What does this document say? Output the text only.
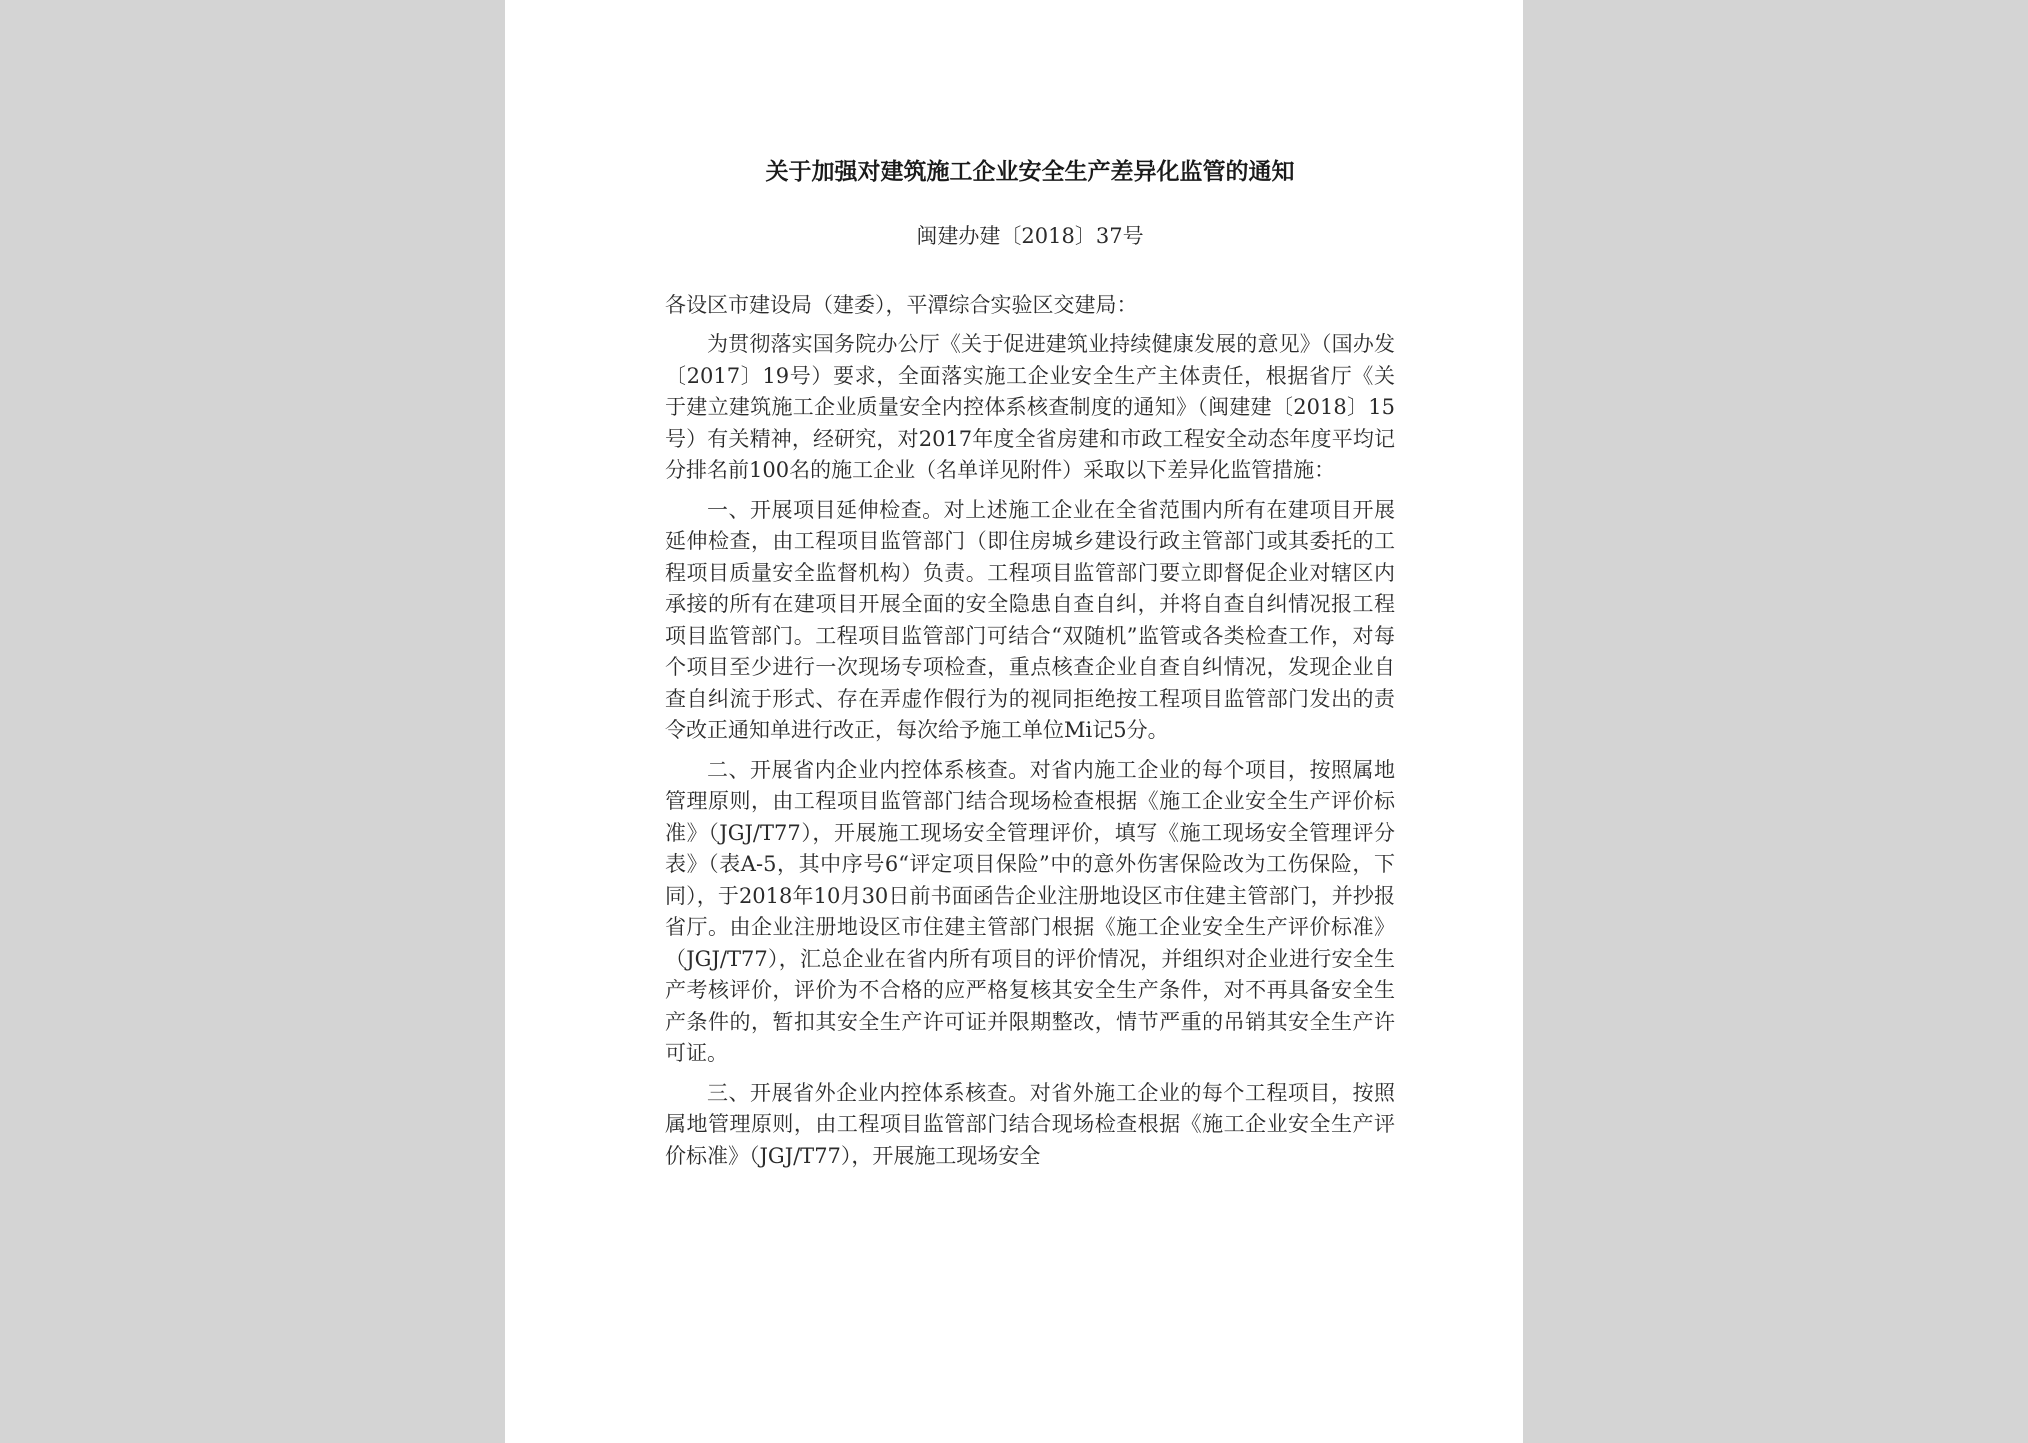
关于加强对建筑施工企业安全生产差异化监管的通知
闽建办建〔2018〕37号
各设区市建设局（建委），平潭综合实验区交建局：

为贯彻落实国务院办公厅《关于促进建筑业持续健康发展的意见》（国办发〔2017〕19号）要求，全面落实施工企业安全生产主体责任，根据省厅《关于建立建筑施工企业质量安全内控体系核查制度的通知》（闽建建〔2018〕15号）有关精神，经研究，对2017年度全省房建和市政工程安全动态年度平均记分排名前100名的施工企业（名单详见附件）采取以下差异化监管措施：

一、开展项目延伸检查。对上述施工企业在全省范围内所有在建项目开展延伸检查，由工程项目监管部门（即住房城乡建设行政主管部门或其委托的工程项目质量安全监督机构）负责。工程项目监管部门要立即督促企业对辖区内承接的所有在建项目开展全面的安全隐患自查自纠，并将自查自纠情况报工程项目监管部门。工程项目监管部门可结合“双随机”监管或各类检查工作，对每个项目至少进行一次现场专项检查，重点核查企业自查自纠情况，发现企业自查自纠流于形式、存在弄虚作假行为的视同拒绝按工程项目监管部门发出的责令改正通知单进行改正，每次给予施工单位Mi记5分。

二、开展省内企业内控体系核查。对省内施工企业的每个项目，按照属地管理原则，由工程项目监管部门结合现场检查根据《施工企业安全生产评价标准》（JGJ/T77），开展施工现场安全管理评价，填写《施工现场安全管理评分表》（表A-5，其中序号6“评定项目保险”中的意外伤害保险改为工伤保险，下同），于2018年10月30日前书面函告企业注册地设区市住建主管部门，并抄报省厅。由企业注册地设区市住建主管部门根据《施工企业安全生产评价标准》（JGJ/T77），汇总企业在省内所有项目的评价情况，并组织对企业进行安全生产考核评价，评价为不合格的应严格复核其安全生产条件，对不再具备安全生产条件的，暂扣其安全生产许可证并限期整改，情节严重的吊销其安全生产许可证。

三、开展省外企业内控体系核查。对省外施工企业的每个工程项目，按照属地管理原则，由工程项目监管部门结合现场检查根据《施工企业安全生产评价标准》（JGJ/T77），开展施工现场安全
